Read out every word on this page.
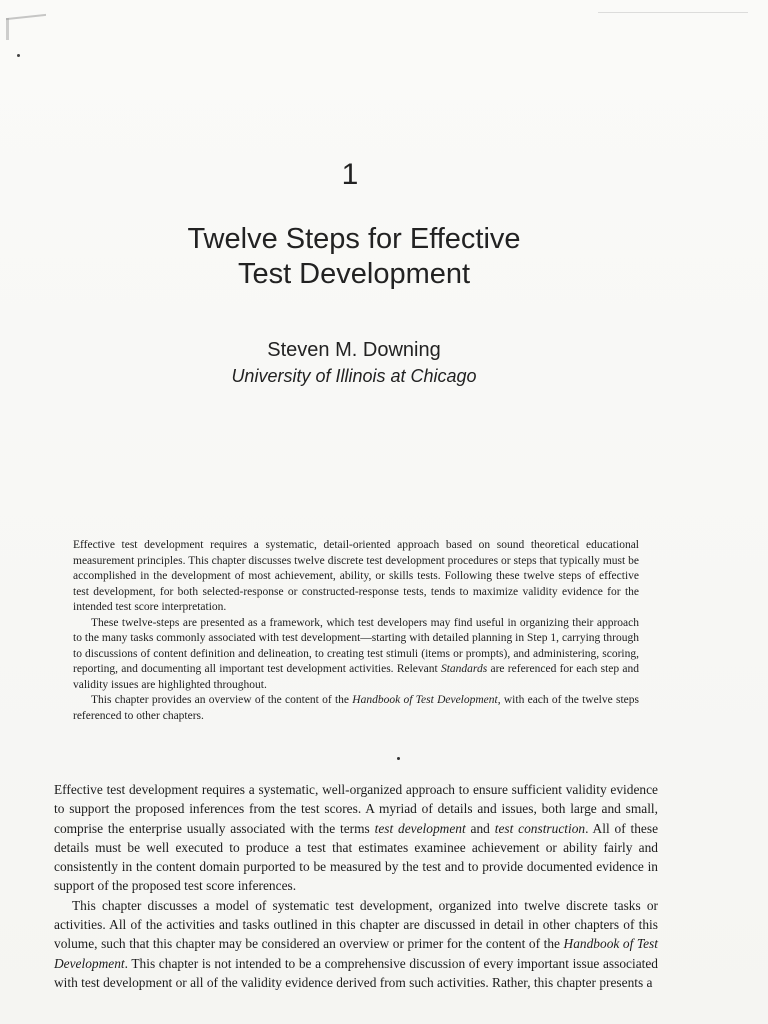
1
Twelve Steps for Effective
Test Development
Steven M. Downing
University of Illinois at Chicago

Effective test development requires a systematic, detail-oriented approach based on sound theoretical educational measurement principles. This chapter discusses twelve discrete test development procedures or steps that typically must be accomplished in the development of most achievement, ability, or skills tests. Following these twelve steps of effective test development, for both selected-response or constructed-response tests, tends to maximize validity evidence for the intended test score interpretation.

These twelve-steps are presented as a framework, which test developers may find useful in organizing their approach to the many tasks commonly associated with test development—starting with detailed planning in Step 1, carrying through to discussions of content definition and delineation, to creating test stimuli (items or prompts), and administering, scoring, reporting, and documenting all important test development activities. Relevant Standards are referenced for each step and validity issues are highlighted throughout.

This chapter provides an overview of the content of the Handbook of Test Development, with each of the twelve steps referenced to other chapters.

Effective test development requires a systematic, well-organized approach to ensure sufficient validity evidence to support the proposed inferences from the test scores. A myriad of details and issues, both large and small, comprise the enterprise usually associated with the terms test development and test construction. All of these details must be well executed to produce a test that estimates examinee achievement or ability fairly and consistently in the content domain purported to be measured by the test and to provide documented evidence in support of the proposed test score inferences.

This chapter discusses a model of systematic test development, organized into twelve discrete tasks or activities. All of the activities and tasks outlined in this chapter are discussed in detail in other chapters of this volume, such that this chapter may be considered an overview or primer for the content of the Handbook of Test Development. This chapter is not intended to be a comprehensive discussion of every important issue associated with test development or all of the validity evidence derived from such activities. Rather, this chapter presents a
